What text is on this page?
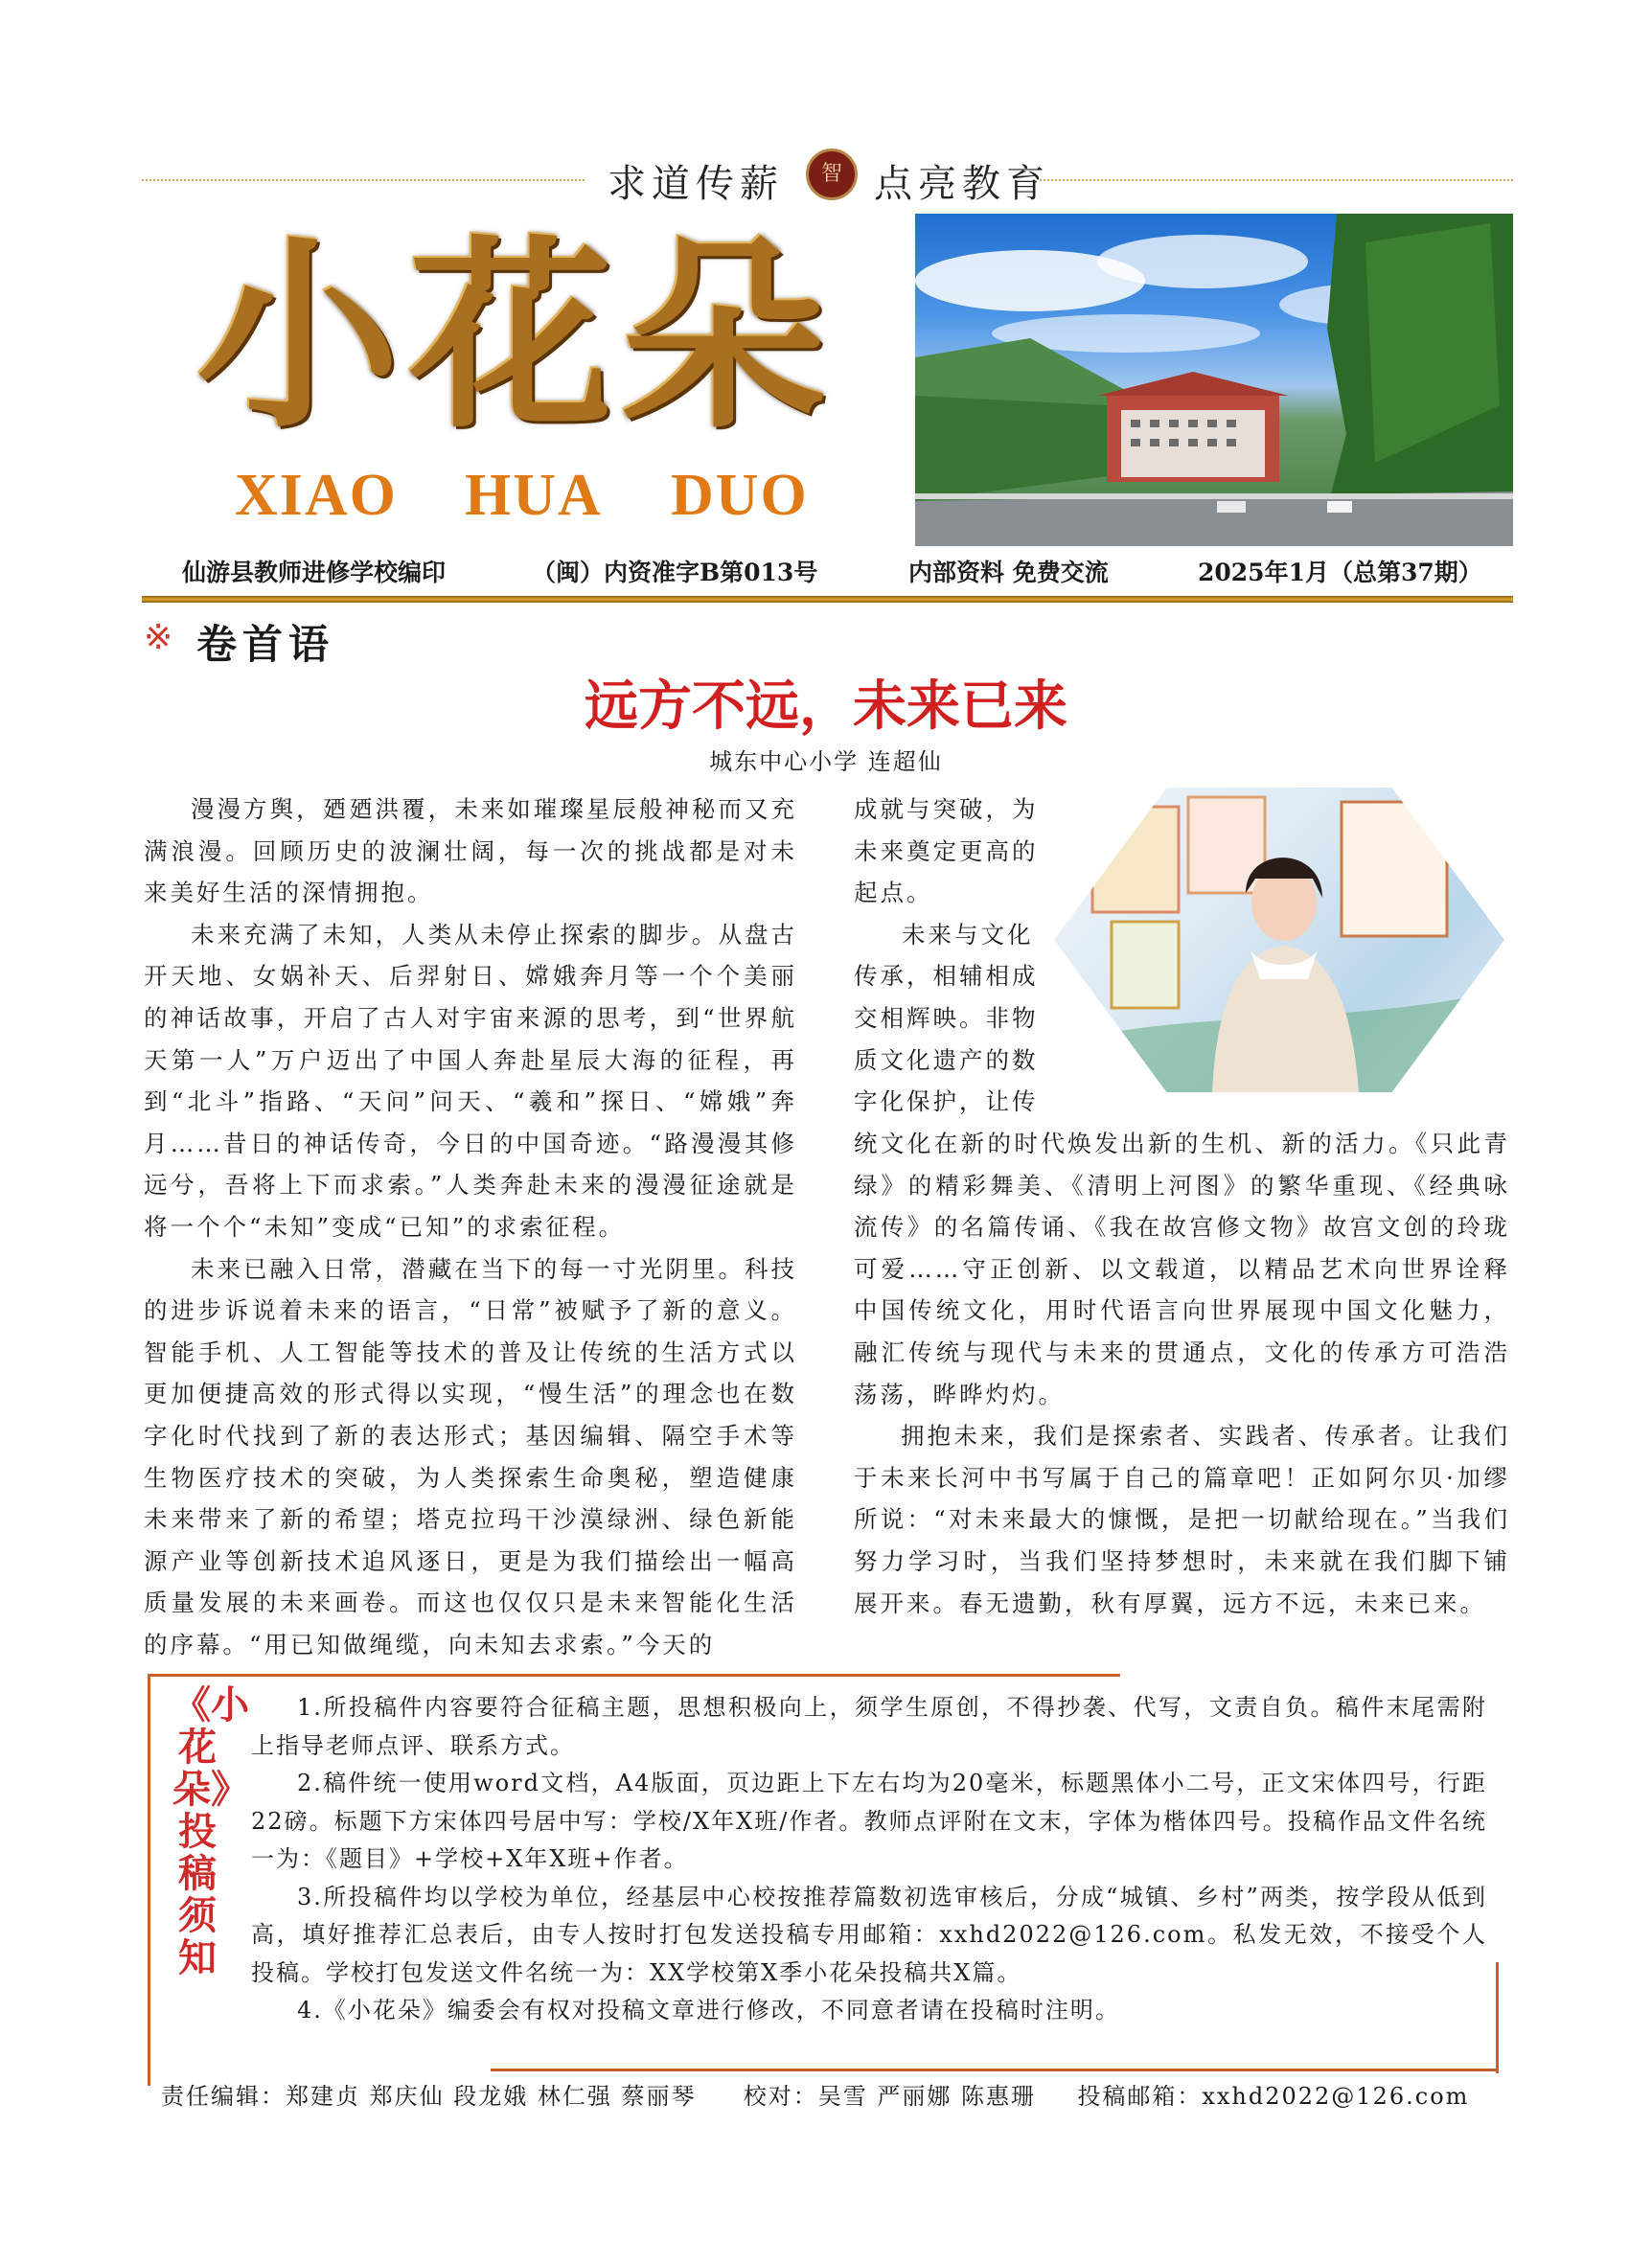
求道传薪	智 点亮教育
小花朵
XIAO HUA DUO
仙游县教师进修学校编印	（闽）内资准字B第013号	内部资料 免费交流	2025年1月（总第37期）
※ 卷首语
远方不远，未来已来
城东中心小学 连超仙

漫漫方舆，廼廼洪覆，未来如璀璨星辰般神秘而又充满浪漫。回顾历史的波澜壮阔，每一次的挑战都是对未来美好生活的深情拥抱。

未来充满了未知，人类从未停止探索的脚步。从盘古开天地、女娲补天、后羿射日、嫦娥奔月等一个个美丽的神话故事，开启了古人对宇宙来源的思考，到“世界航天第一人”万户迈出了中国人奔赴星辰大海的征程，再到“北斗”指路、“天问”问天、“羲和”探日、“嫦娥”奔月……昔日的神话传奇，今日的中国奇迹。“路漫漫其修远兮，吾将上下而求索。”人类奔赴未来的漫漫征途就是将一个个“未知”变成“已知”的求索征程。

未来已融入日常，潜藏在当下的每一寸光阴里。科技的进步诉说着未来的语言，“日常”被赋予了新的意义。智能手机、人工智能等技术的普及让传统的生活方式以更加便捷高效的形式得以实现，“慢生活”的理念也在数字化时代找到了新的表达形式；基因编辑、隔空手术等生物医疗技术的突破，为人类探索生命奥秘，塑造健康未来带来了新的希望；塔克拉玛干沙漠绿洲、绿色新能源产业等创新技术追风逐日，更是为我们描绘出一幅高质量发展的未来画卷。而这也仅仅只是未来智能化生活的序幕。“用已知做绳缆，向未知去求索。”今天的

成就与突破，为

未来奠定更高的

起点。

未来与文化

传承，相辅相成

交相辉映。非物

质文化遗产的数

字化保护，让传

统文化在新的时代焕发出新的生机、新的活力。《只此青绿》的精彩舞美、《清明上河图》的繁华重现、《经典咏流传》的名篇传诵、《我在故宫修文物》故宫文创的玲珑可爱……守正创新、以文载道，以精品艺术向世界诠释中国传统文化，用时代语言向世界展现中国文化魅力，融汇传统与现代与未来的贯通点，文化的传承方可浩浩荡荡，晔晔灼灼。

拥抱未来，我们是探索者、实践者、传承者。让我们于未来长河中书写属于自己的篇章吧！正如阿尔贝·加缪所说：“对未来最大的慷慨，是把一切献给现在。”当我们努力学习时，当我们坚持梦想时，未来就在我们脚下铺展开来。春无遗勤，秋有厚翼，远方不远，未来已来。

《小花朵》投稿须知

1.所投稿件内容要符合征稿主题，思想积极向上，须学生原创，不得抄袭、代写，文责自负。稿件末尾需附上指导老师点评、联系方式。

2.稿件统一使用word文档，A4版面，页边距上下左右均为20毫米，标题黑体小二号，正文宋体四号，行距22磅。标题下方宋体四号居中写：学校/X年X班/作者。教师点评附在文末，字体为楷体四号。投稿作品文件名统一为：《题目》+学校+X年X班+作者。

3.所投稿件均以学校为单位，经基层中心校按推荐篇数初选审核后，分成“城镇、乡村”两类，按学段从低到高，填好推荐汇总表后，由专人按时打包发送投稿专用邮箱：xxhd2022@126.com。私发无效，不接受个人投稿。学校打包发送文件名统一为：XX学校第X季小花朵投稿共X篇。

4.《小花朵》编委会有权对投稿文章进行修改，不同意者请在投稿时注明。

责任编辑：郑建贞 郑庆仙 段龙娥 林仁强 蔡丽琴 校对：吴雪 严丽娜 陈惠珊 投稿邮箱：xxhd2022@126.com
